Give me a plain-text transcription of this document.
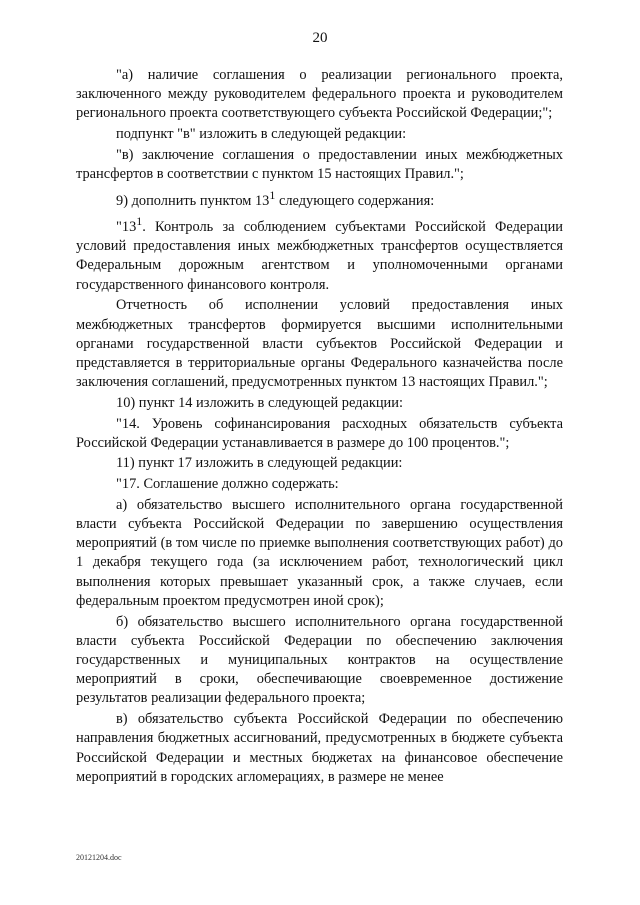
20

"а) наличие соглашения о реализации регионального проекта, заключенного между руководителем федерального проекта и руководителем регионального проекта соответствующего субъекта Российской Федерации;";

подпункт "в" изложить в следующей редакции:

"в) заключение соглашения о предоставлении иных межбюджетных трансфертов в соответствии с пунктом 15 настоящих Правил.";

9) дополнить пунктом $13^1$ следующего содержания:

"$13^1$. Контроль за соблюдением субъектами Российской Федерации условий предоставления иных межбюджетных трансфертов осуществляется Федеральным дорожным агентством и уполномоченными органами государственного финансового контроля.

Отчетность об исполнении условий предоставления иных межбюджетных трансфертов формируется высшими исполнительными органами государственной власти субъектов Российской Федерации и представляется в территориальные органы Федерального казначейства после заключения соглашений, предусмотренных пунктом 13 настоящих Правил.";

10) пункт 14 изложить в следующей редакции:

"14. Уровень софинансирования расходных обязательств субъекта Российской Федерации устанавливается в размере до 100 процентов.";

11) пункт 17 изложить в следующей редакции:

"17. Соглашение должно содержать:

а) обязательство высшего исполнительного органа государственной власти субъекта Российской Федерации по завершению осуществления мероприятий (в том числе по приемке выполнения соответствующих работ) до 1 декабря текущего года (за исключением работ, технологический цикл выполнения которых превышает указанный срок, а также случаев, если федеральным проектом предусмотрен иной срок);

б) обязательство высшего исполнительного органа государственной власти субъекта Российской Федерации по обеспечению заключения государственных и муниципальных контрактов на осуществление мероприятий в сроки, обеспечивающие своевременное достижение результатов реализации федерального проекта;

в) обязательство субъекта Российской Федерации по обеспечению направления бюджетных ассигнований, предусмотренных в бюджете субъекта Российской Федерации и местных бюджетах на финансовое обеспечение мероприятий в городских агломерациях, в размере не менее

20121204.doc
